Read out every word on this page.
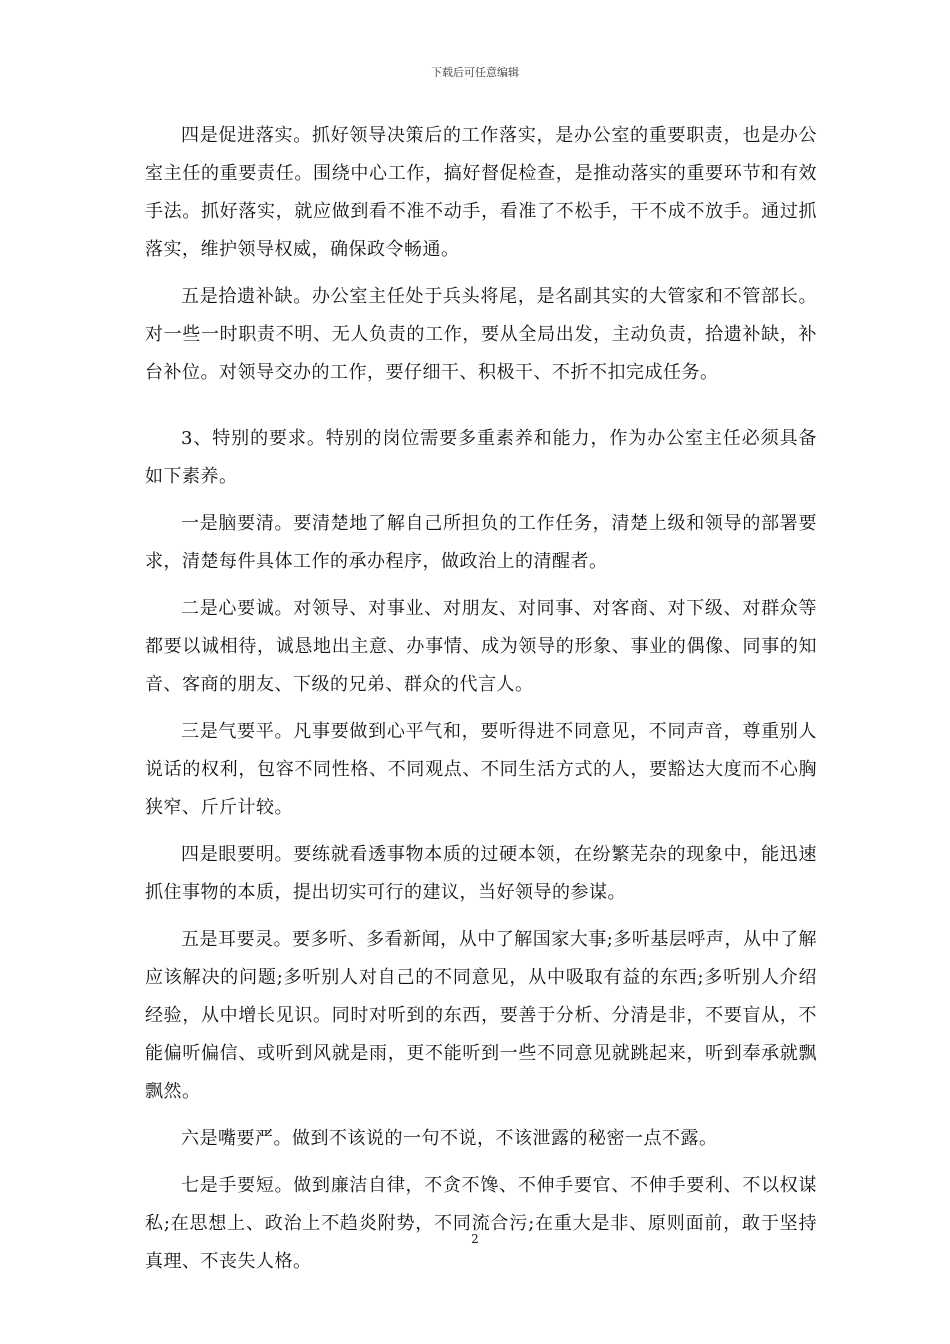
下载后可任意编辑

四是促进落实。抓好领导决策后的工作落实，是办公室的重要职责，也是办公室主任的重要责任。围绕中心工作，搞好督促检查，是推动落实的重要环节和有效手法。抓好落实，就应做到看不准不动手，看准了不松手，干不成不放手。通过抓落实，维护领导权威，确保政令畅通。

五是拾遗补缺。办公室主任处于兵头将尾，是名副其实的大管家和不管部长。对一些一时职责不明、无人负责的工作，要从全局出发，主动负责，拾遗补缺，补台补位。对领导交办的工作，要仔细干、积极干、不折不扣完成任务。

3、特别的要求。特别的岗位需要多重素养和能力，作为办公室主任必须具备如下素养。

一是脑要清。要清楚地了解自己所担负的工作任务，清楚上级和领导的部署要求，清楚每件具体工作的承办程序，做政治上的清醒者。

二是心要诚。对领导、对事业、对朋友、对同事、对客商、对下级、对群众等都要以诚相待，诚恳地出主意、办事情、成为领导的形象、事业的偶像、同事的知音、客商的朋友、下级的兄弟、群众的代言人。

三是气要平。凡事要做到心平气和，要听得进不同意见，不同声音，尊重别人说话的权利，包容不同性格、不同观点、不同生活方式的人，要豁达大度而不心胸狭窄、斤斤计较。

四是眼要明。要练就看透事物本质的过硬本领，在纷繁芜杂的现象中，能迅速抓住事物的本质，提出切实可行的建议，当好领导的参谋。

五是耳要灵。要多听、多看新闻，从中了解国家大事;多听基层呼声，从中了解应该解决的问题;多听别人对自己的不同意见，从中吸取有益的东西;多听别人介绍经验，从中增长见识。同时对听到的东西，要善于分析、分清是非，不要盲从，不能偏听偏信、或听到风就是雨，更不能听到一些不同意见就跳起来，听到奉承就飘飘然。

六是嘴要严。做到不该说的一句不说，不该泄露的秘密一点不露。

七是手要短。做到廉洁自律，不贪不馋、不伸手要官、不伸手要利、不以权谋私;在思想上、政治上不趋炎附势，不同流合污;在重大是非、原则面前，敢于坚持真理、不丧失人格。

2
